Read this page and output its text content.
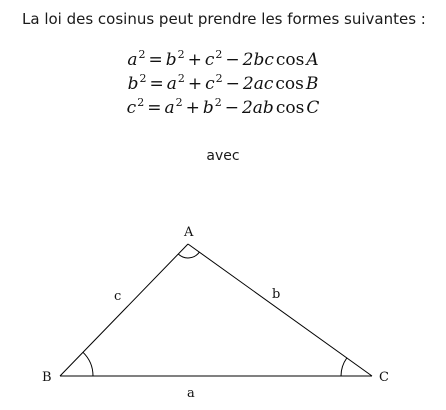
La loi des cosinus peut prendre les formes suivantes :
$a^2 = b^2 + c^2 - 2bc$ cos A
$b^2 = a^2 + c^2 - 2ac$ cos B
$c^2 = a^2 + b^2 - 2ab$ cos C
avec
A
B	C
c	b
a
